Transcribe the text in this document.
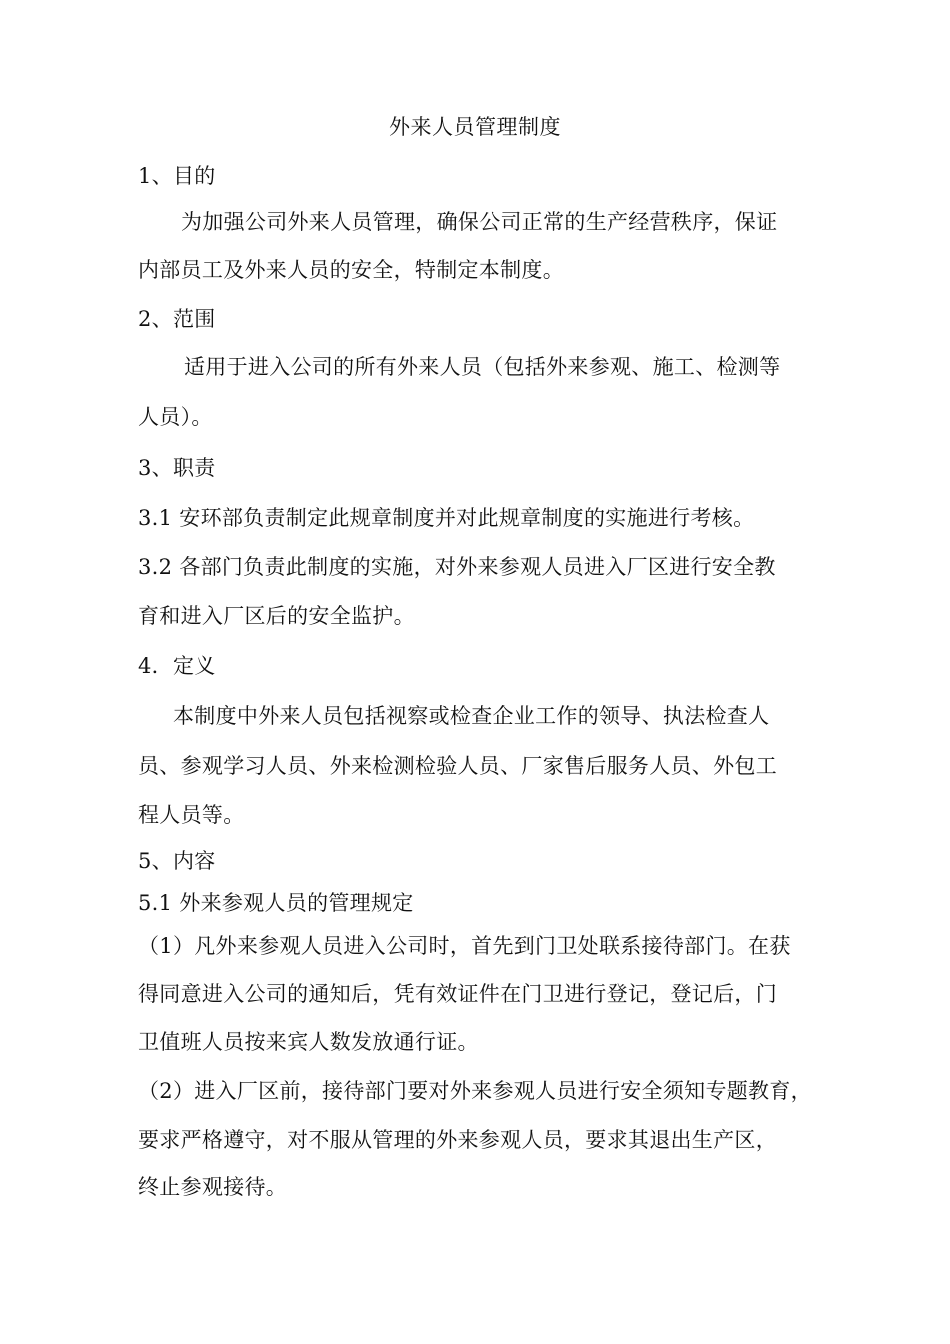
外来人员管理制度
1、目的
为加强公司外来人员管理，确保公司正常的生产经营秩序，保证
内部员工及外来人员的安全，特制定本制度。
2、范围
适用于进入公司的所有外来人员（包括外来参观、施工、检测等
人员）。
3、职责
3.1 安环部负责制定此规章制度并对此规章制度的实施进行考核。
3.2 各部门负责此制度的实施，对外来参观人员进入厂区进行安全教
育和进入厂区后的安全监护。
4．定义
本制度中外来人员包括视察或检查企业工作的领导、执法检查人
员、参观学习人员、外来检测检验人员、厂家售后服务人员、外包工
程人员等。
5、内容
5.1 外来参观人员的管理规定
（1）凡外来参观人员进入公司时，首先到门卫处联系接待部门。在获
得同意进入公司的通知后，凭有效证件在门卫进行登记，登记后，门
卫值班人员按来宾人数发放通行证。
（2）进入厂区前，接待部门要对外来参观人员进行安全须知专题教育，
要求严格遵守，对不服从管理的外来参观人员，要求其退出生产区，
终止参观接待。
